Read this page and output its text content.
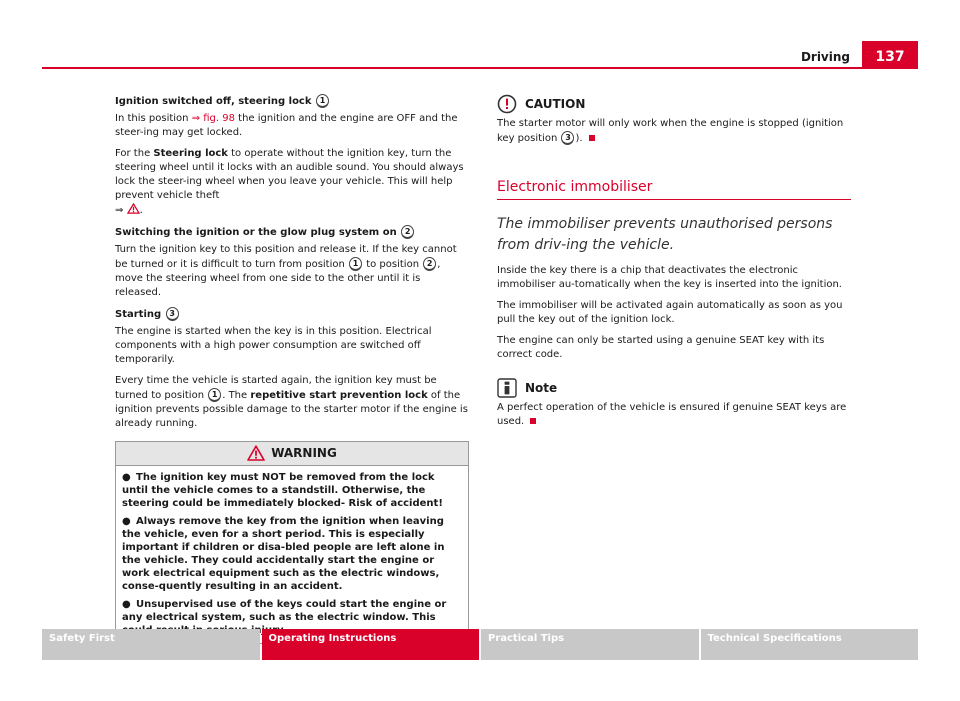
Driving	137

Ignition switched off, steering lock 1

In this position ⇒ fig. 98 the ignition and the engine are OFF and the steer-ing may get locked.

For the Steering lock to operate without the ignition key, turn the steering wheel until it locks with an audible sound. You should always lock the steer-ing wheel when you leave your vehicle. This will help prevent vehicle theft
⇒ .

Switching the ignition or the glow plug system on 2

Turn the ignition key to this position and release it. If the key cannot be turned or it is difficult to turn from position 1 to position 2 , move the steering wheel from one side to the other until it is released.

Starting 3

The engine is started when the key is in this position. Electrical components with a high power consumption are switched off temporarily.

Every time the vehicle is started again, the ignition key must be turned to position 1 . The repetitive start prevention lock of the ignition prevents possible damage to the starter motor if the engine is already running.

WARNING

● The ignition key must NOT be removed from the lock until the vehicle comes to a standstill. Otherwise, the steering could be immediately blocked- Risk of accident!

● Always remove the key from the ignition when leaving the vehicle, even for a short period. This is especially important if children or disa-bled people are left alone in the vehicle. They could accidentally start the engine or work electrical equipment such as the electric windows, conse-quently resulting in an accident.

● Unsupervised use of the keys could start the engine or any electrical system, such as the electric window. This

CAUTION

The starter motor will only work when the engine is stopped (ignition key position 3 ).

Electronic immobiliser
The immobiliser prevents unauthorised persons from driv-ing the vehicle.

Inside the key there is a chip that deactivates the electronic immobiliser au-tomatically when the key is inserted into the ignition.

The immobiliser will be activated again automatically as soon as you pull the key out of the ignition lock.

The engine can only be started using a genuine SEAT key with its correct code.

Note

A perfect operation of the vehicle is ensured if genuine SEAT keys are used.

Safety First	Operating Instructions	Practical Tips	Technical Specifications
